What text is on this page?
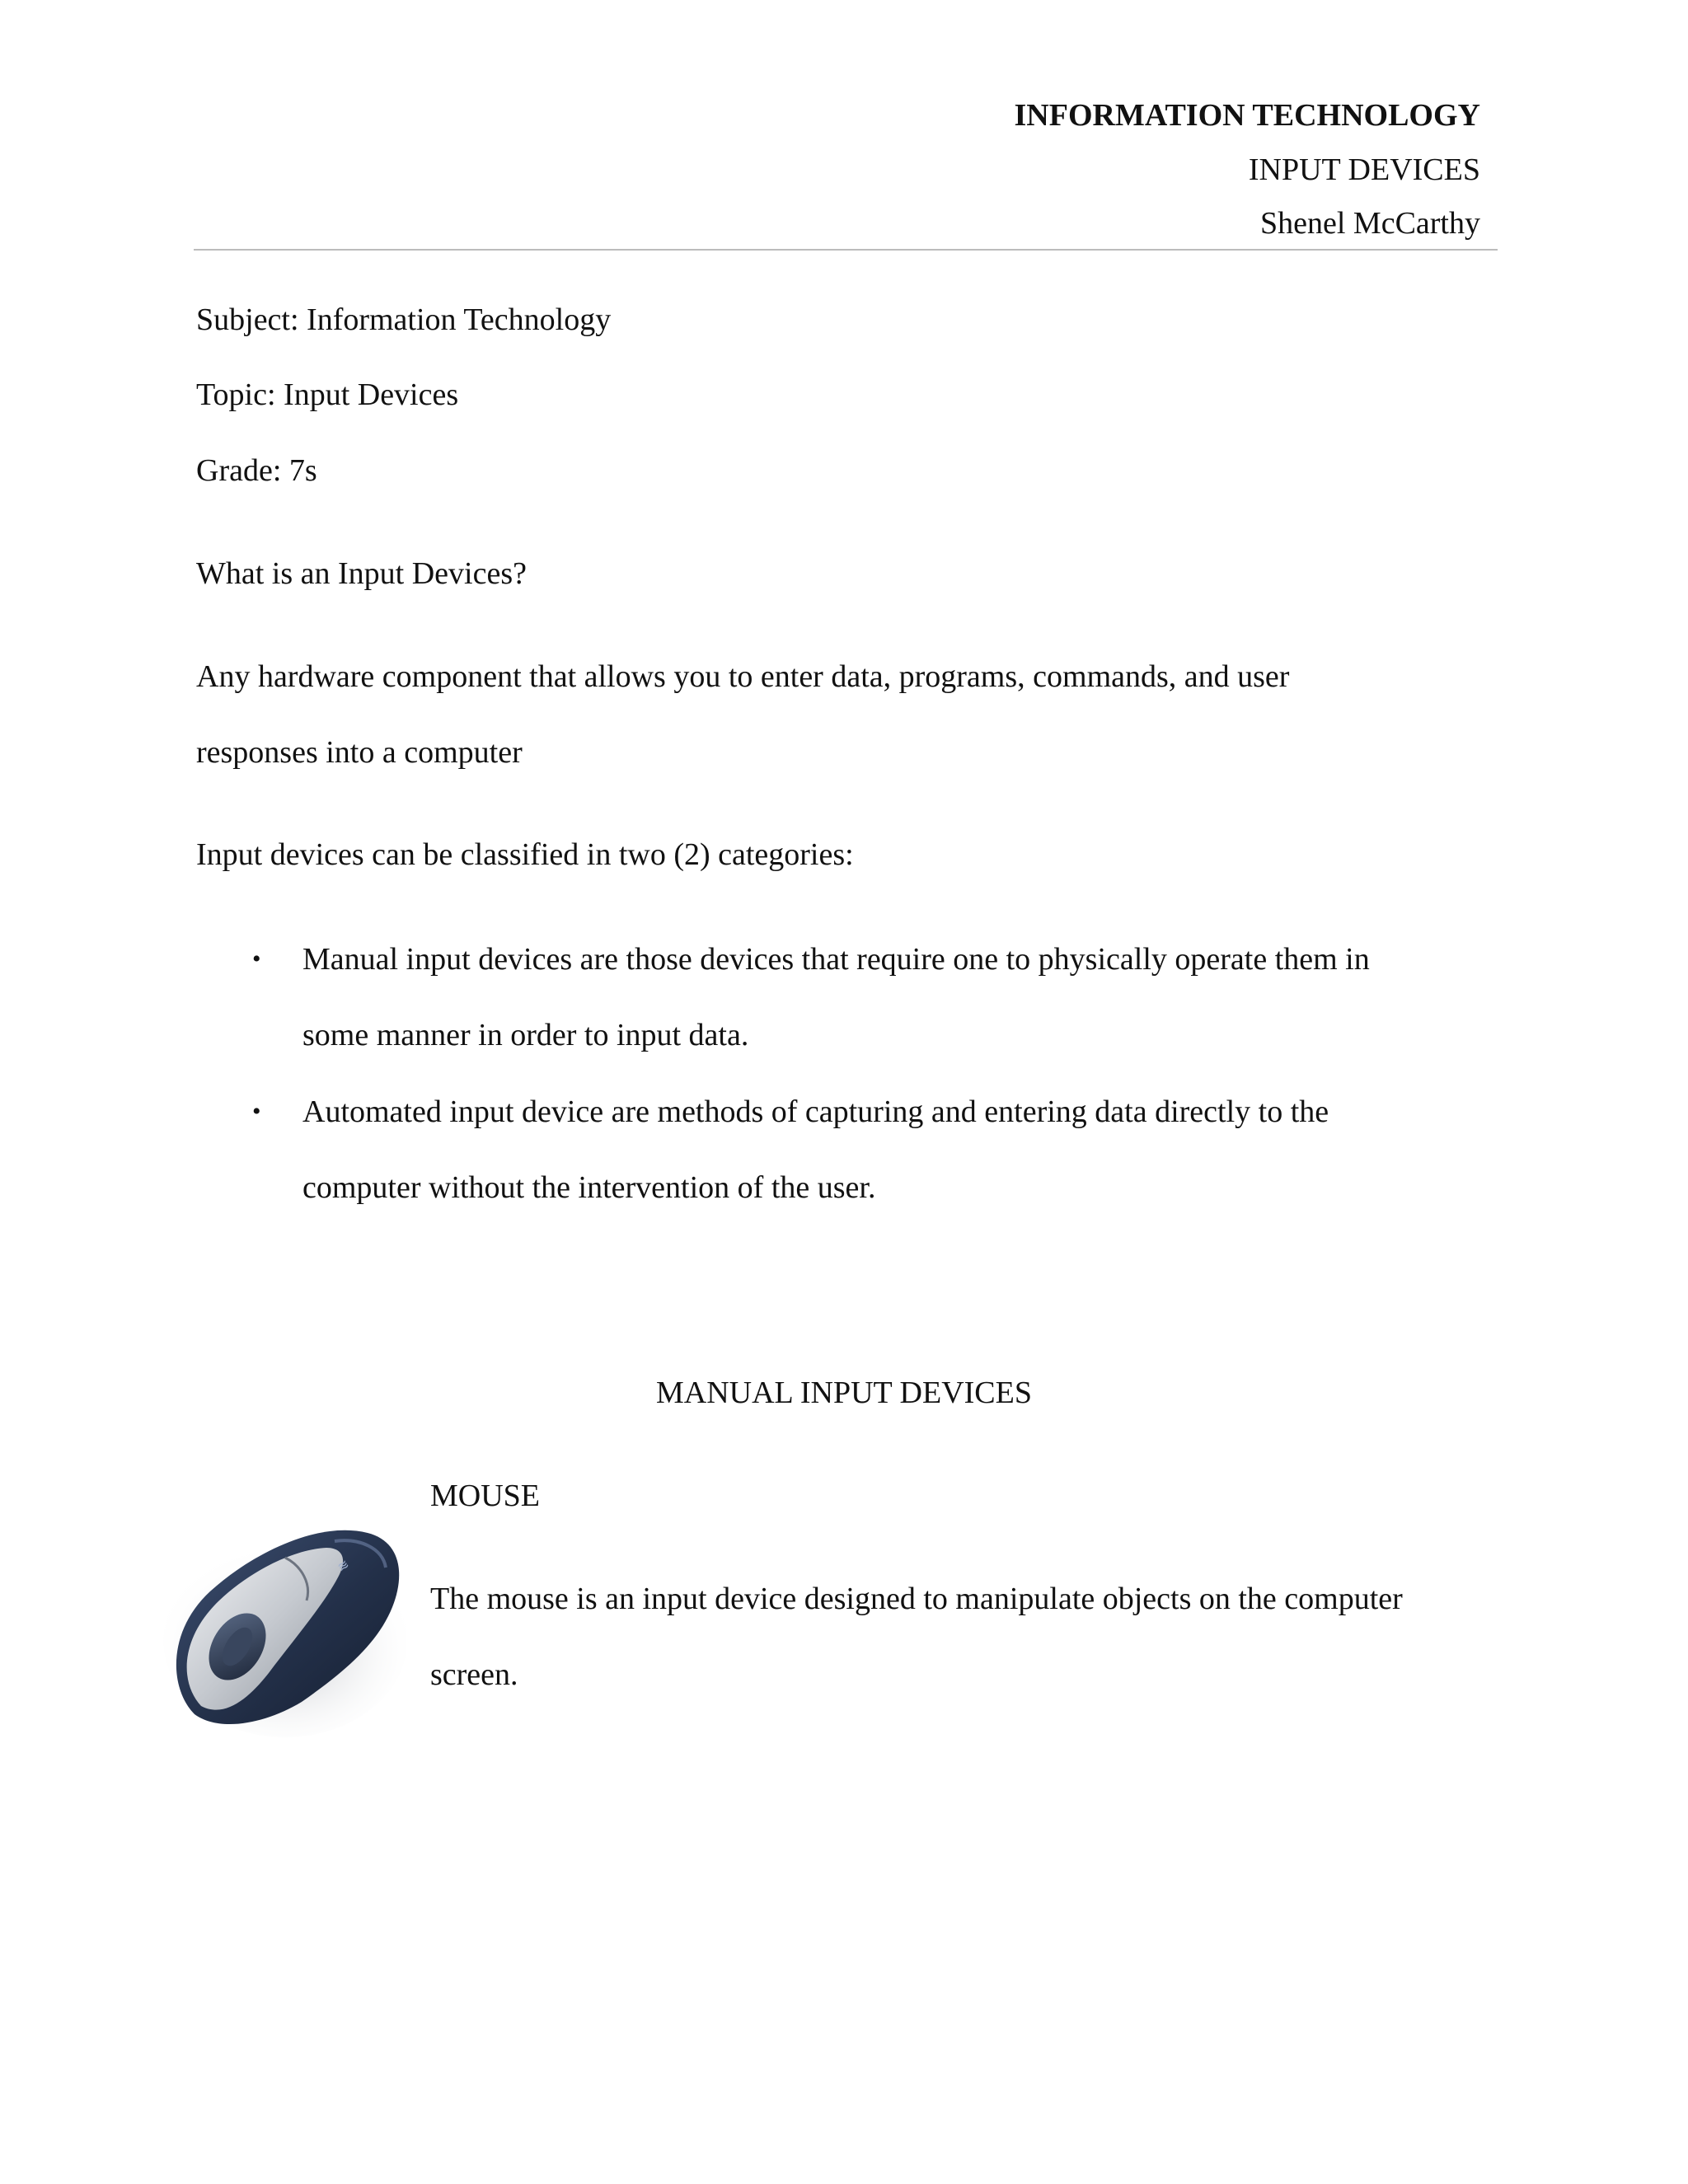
INFORMATION TECHNOLOGY
INPUT DEVICES
Shenel McCarthy
Subject: Information Technology
Topic: Input Devices
Grade: 7s
What is an Input Devices?
Any hardware component that allows you to enter data, programs, commands, and user
responses into a computer
Input devices can be classified in two (2) categories:
• Manual input devices are those devices that require one to physically operate them in
some manner in order to input data.
• Automated input device are methods of capturing and entering data directly to the
computer without the intervention of the user.
MANUAL INPUT DEVICES
≋
MOUSE
The mouse is an input device designed to manipulate objects on the computer
screen.
